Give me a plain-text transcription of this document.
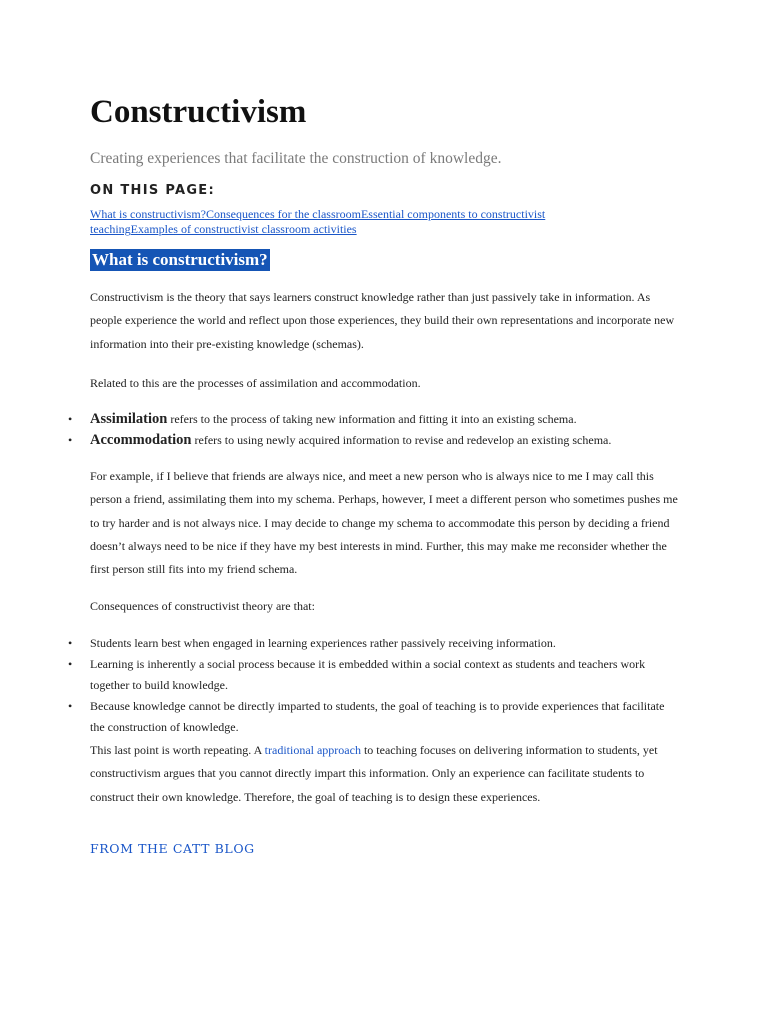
Constructivism

Creating experiences that facilitate the construction of knowledge.

ON THIS PAGE:
What is constructivism?Consequences for the classroomEssential components to constructivist teachingExamples of constructivist classroom activities
What is constructivism?

Constructivism is the theory that says learners construct knowledge rather than just passively take in information. As people experience the world and reflect upon those experiences, they build their own representations and incorporate new information into their pre-existing knowledge (schemas).

Related to this are the processes of assimilation and accommodation.

• Assimilation refers to the process of taking new information and fitting it into an existing schema.
• Accommodation refers to using newly acquired information to revise and redevelop an existing schema.

For example, if I believe that friends are always nice, and meet a new person who is always nice to me I may call this person a friend, assimilating them into my schema. Perhaps, however, I meet a different person who sometimes pushes me to try harder and is not always nice. I may decide to change my schema to accommodate this person by deciding a friend doesn’t always need to be nice if they have my best interests in mind. Further, this may make me reconsider whether the first person still fits into my friend schema.

Consequences of constructivist theory are that:

• Students learn best when engaged in learning experiences rather passively receiving information.
• Learning is inherently a social process because it is embedded within a social context as students and teachers work together to build knowledge.
• Because knowledge cannot be directly imparted to students, the goal of teaching is to provide experiences that facilitate the construction of knowledge.

This last point is worth repeating. A traditional approach to teaching focuses on delivering information to students, yet constructivism argues that you cannot directly impart this information. Only an experience can facilitate students to construct their own knowledge. Therefore, the goal of teaching is to design these experiences.

FROM THE CATT BLOG
